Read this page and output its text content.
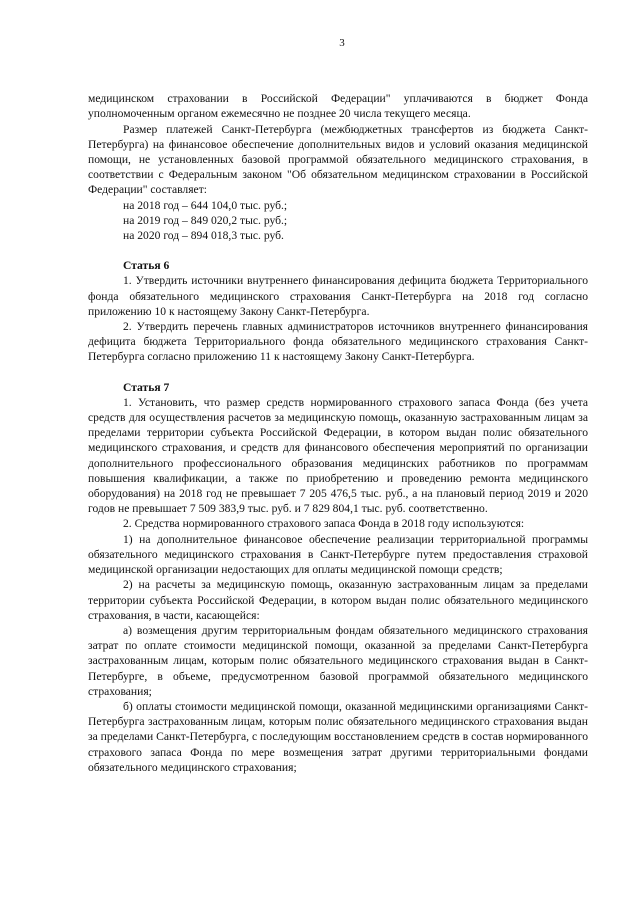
3

медицинском страховании в Российской Федерации" уплачиваются в бюджет Фонда уполномоченным органом ежемесячно не позднее 20 числа текущего месяца.

Размер платежей Санкт-Петербурга (межбюджетных трансфертов из бюджета Санкт-Петербурга) на финансовое обеспечение дополнительных видов и условий оказания медицинской помощи, не установленных базовой программой обязательного медицинского страхования, в соответствии с Федеральным законом "Об обязательном медицинском страховании в Российской Федерации" составляет:

на 2018 год – 644 104,0 тыс. руб.;

на 2019 год – 849 020,2 тыс. руб.;

на 2020 год – 894 018,3 тыс. руб.

Статья 6

1. Утвердить источники внутреннего финансирования дефицита бюджета Территориального фонда обязательного медицинского страхования Санкт-Петербурга на 2018 год согласно приложению 10 к настоящему Закону Санкт-Петербурга.

2. Утвердить перечень главных администраторов источников внутреннего финансирования дефицита бюджета Территориального фонда обязательного медицинского страхования Санкт-Петербурга согласно приложению 11 к настоящему Закону Санкт-Петербурга.

Статья 7

1. Установить, что размер средств нормированного страхового запаса Фонда (без учета средств для осуществления расчетов за медицинскую помощь, оказанную застрахованным лицам за пределами территории субъекта Российской Федерации, в котором выдан полис обязательного медицинского страхования, и средств для финансового обеспечения мероприятий по организации дополнительного профессионального образования медицинских работников по программам повышения квалификации, а также по приобретению и проведению ремонта медицинского оборудования) на 2018 год не превышает 7 205 476,5 тыс. руб., а на плановый период 2019 и 2020 годов не превышает 7 509 383,9 тыс. руб. и 7 829 804,1 тыс. руб. соответственно.

2. Средства нормированного страхового запаса Фонда в 2018 году используются:

1) на дополнительное финансовое обеспечение реализации территориальной программы обязательного медицинского страхования в Санкт-Петербурге путем предоставления страховой медицинской организации недостающих для оплаты медицинской помощи средств;

2) на расчеты за медицинскую помощь, оказанную застрахованным лицам за пределами территории субъекта Российской Федерации, в котором выдан полис обязательного медицинского страхования, в части, касающейся:

а) возмещения другим территориальным фондам обязательного медицинского страхования затрат по оплате стоимости медицинской помощи, оказанной за пределами Санкт-Петербурга застрахованным лицам, которым полис обязательного медицинского страхования выдан в Санкт-Петербурге, в объеме, предусмотренном базовой программой обязательного медицинского страхования;

б) оплаты стоимости медицинской помощи, оказанной медицинскими организациями Санкт-Петербурга застрахованным лицам, которым полис обязательного медицинского страхования выдан за пределами Санкт-Петербурга, с последующим восстановлением средств в состав нормированного страхового запаса Фонда по мере возмещения затрат другими территориальными фондами обязательного медицинского страхования;
